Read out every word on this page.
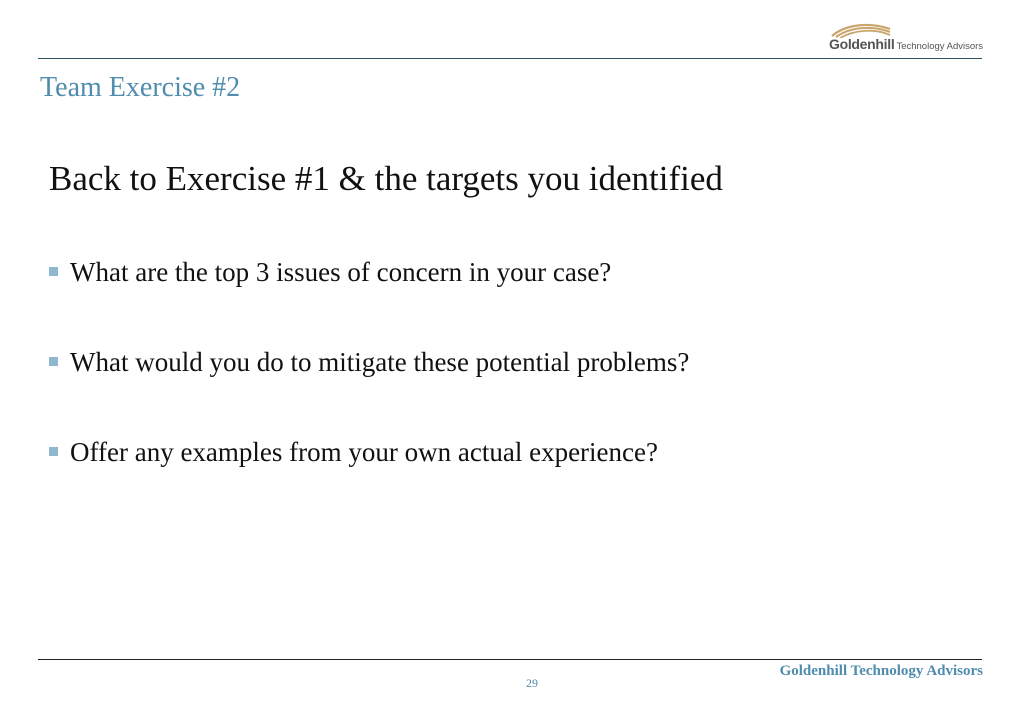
Goldenhill Technology Advisors
Team Exercise #2
Back to Exercise #1 & the targets you identified
What are the top 3 issues of concern in your case?
What would you do to mitigate these potential problems?
Offer any examples from your own actual experience?
Goldenhill Technology Advisors
29
